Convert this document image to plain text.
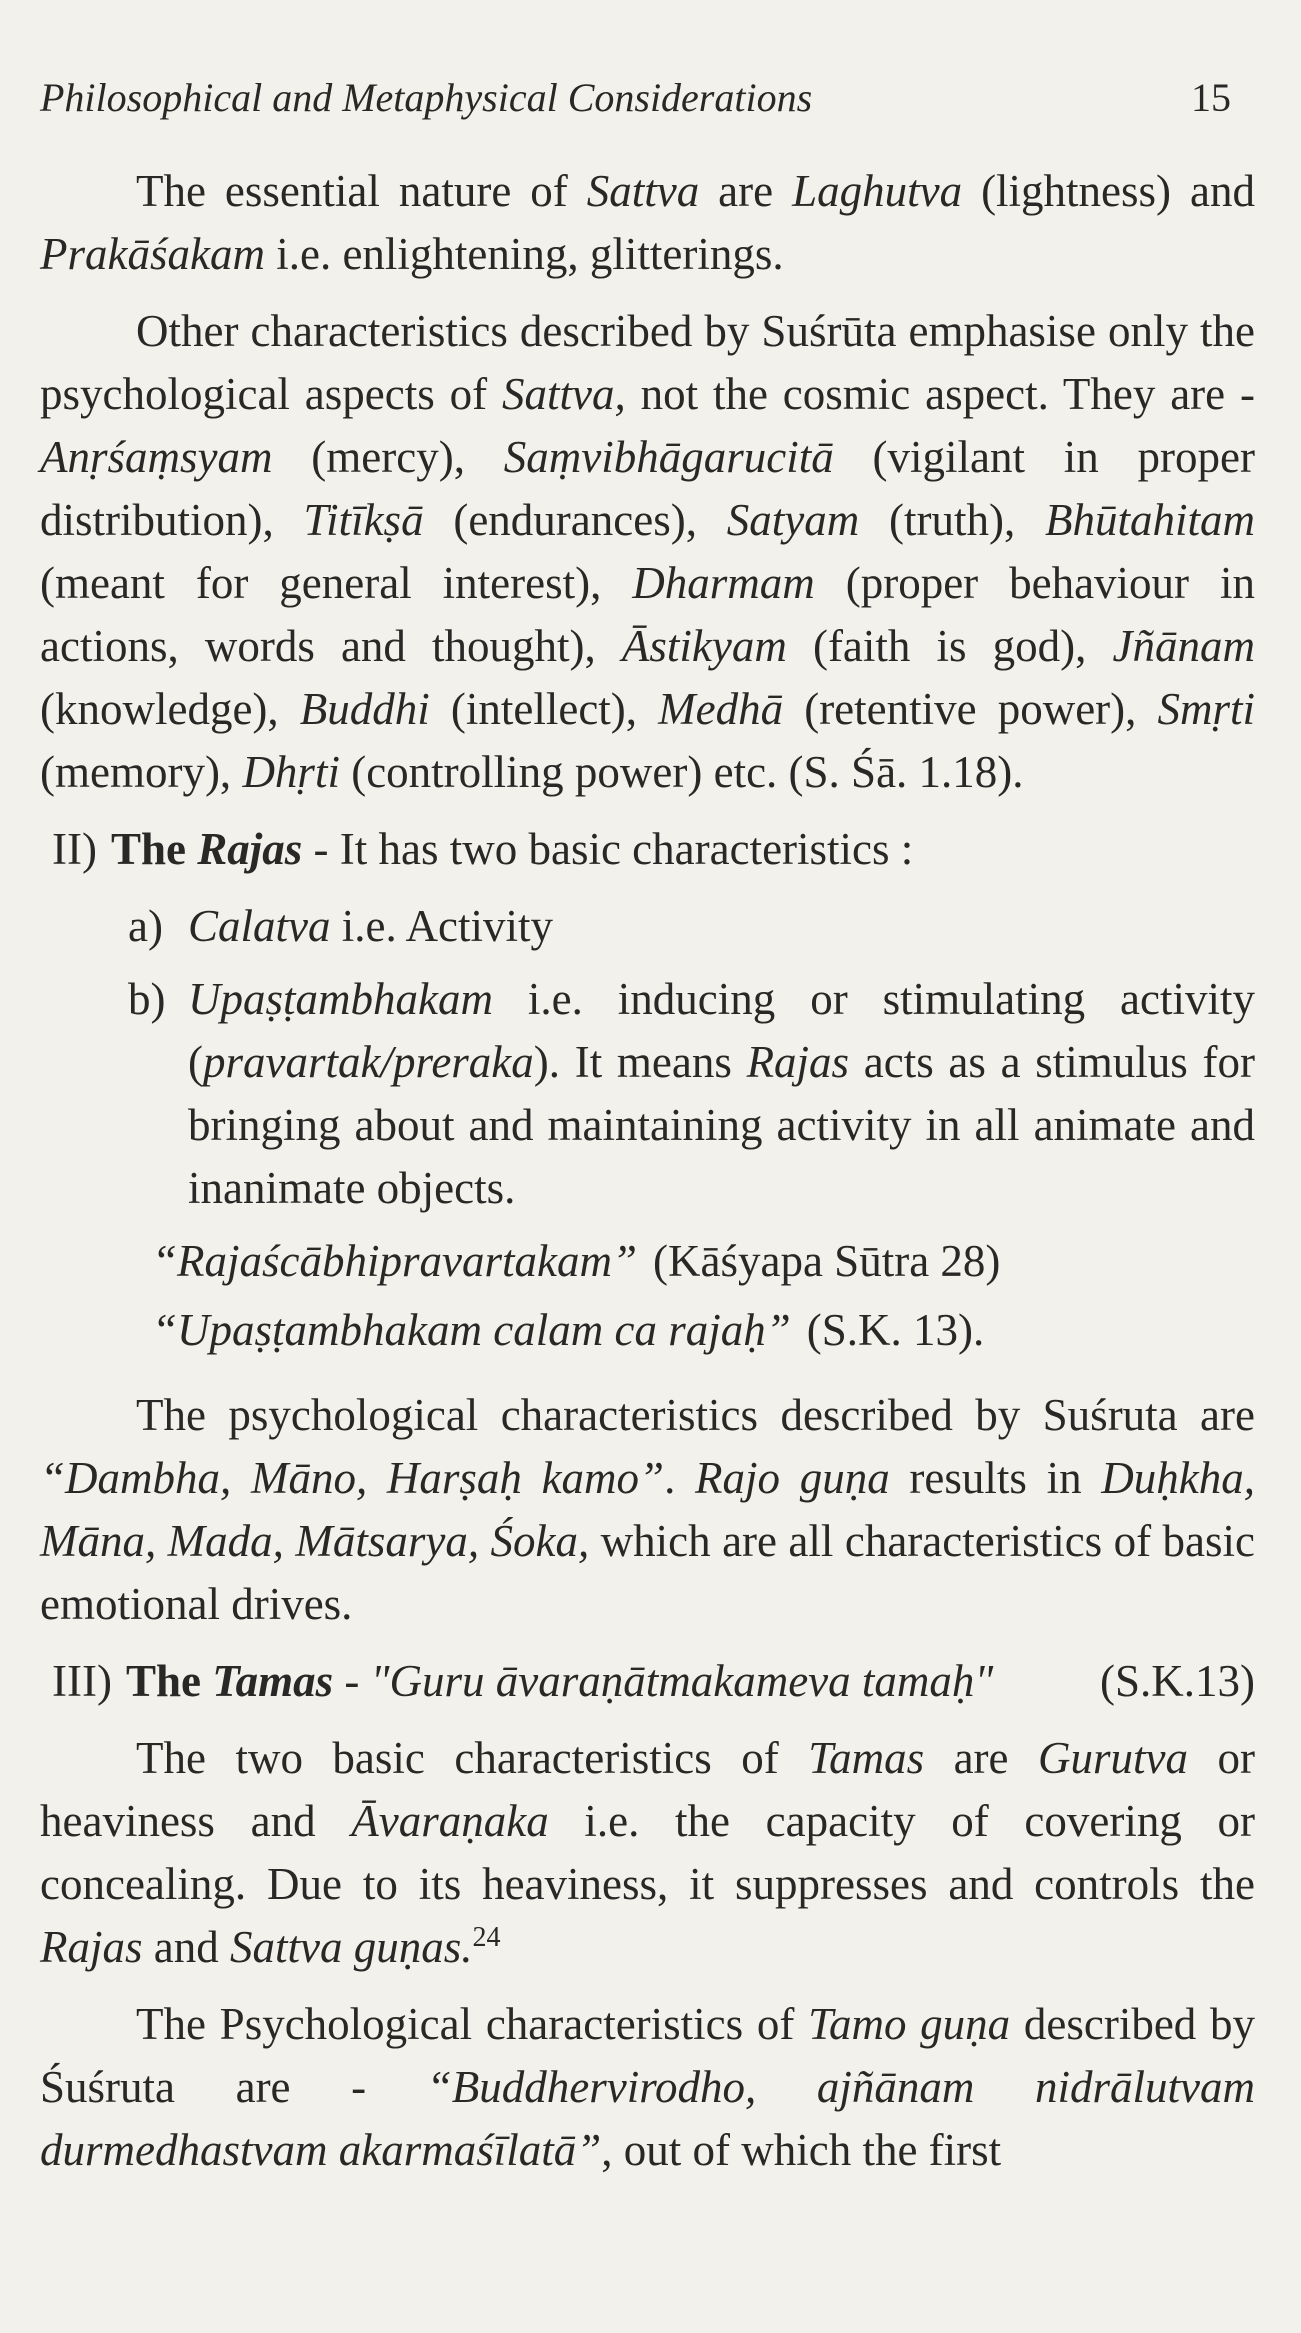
Philosophical and Metaphysical Considerations	15

The essential nature of Sattva are Laghutva (lightness) and Prakāśakam i.e. enlightening, glitterings.

Other characteristics described by Suśrūta emphasise only the psychological aspects of Sattva, not the cosmic aspect. They are - Anṛśaṃsyam (mercy), Saṃvibhāgarucitā (vigilant in proper distribution), Titīkṣā (endurances), Satyam (truth), Bhūtahitam (meant for general interest), Dharmam (proper behaviour in actions, words and thought), Āstikyam (faith is god), Jñānam (knowledge), Buddhi (intellect), Medhā (retentive power), Smṛti (memory), Dhṛti (controlling power) etc. (S. Śā. 1.18).

II) The Rajas - It has two basic characteristics :
a) Calatva i.e. Activity
b) Upaṣṭambhakam i.e. inducing or stimulating activity (pravartak/preraka). It means Rajas acts as a stimulus for bringing about and maintaining activity in all animate and inanimate objects.
“Rajaścābhipravartakam” (Kāśyapa Sūtra 28)
“Upaṣṭambhakam calam ca rajaḥ” (S.K. 13).

The psychological characteristics described by Suśruta are “Dambha, Māno, Harṣaḥ kamo”. Rajo guṇa results in Duḥkha, Māna, Mada, Mātsarya, Śoka, which are all characteristics of basic emotional drives.

(S.K.13)
III) The Tamas - "Guru āvaraṇātmakameva tamaḥ"

The two basic characteristics of Tamas are Gurutva or heaviness and Āvaraṇaka i.e. the capacity of covering or concealing. Due to its heaviness, it suppresses and controls the Rajas and Sattva guṇas.$^{24}$

The Psychological characteristics of Tamo guṇa described by Śuśruta are - “Buddhervirodho, ajñānam nidrālutvam durmedhastvam akarmaśīlatā”, out of which the first
